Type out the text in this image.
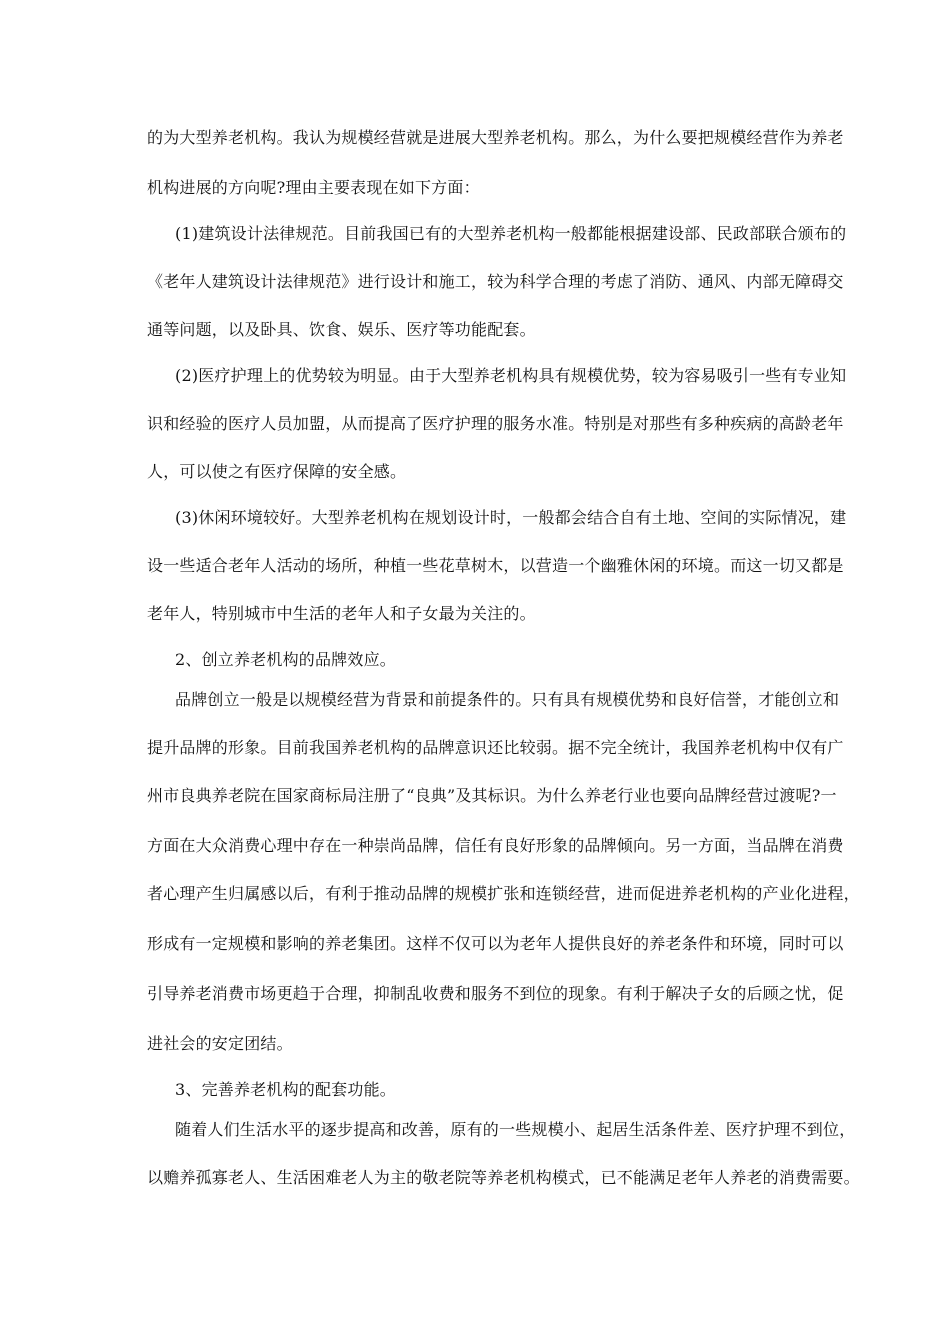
的为大型养老机构。我认为规模经营就是进展大型养老机构。那么，为什么要把规模经营作为养老
机构进展的方向呢?理由主要表现在如下方面：
(1)建筑设计法律规范。目前我国已有的大型养老机构一般都能根据建设部、民政部联合颁布的
《老年人建筑设计法律规范》进行设计和施工，较为科学合理的考虑了消防、通风、内部无障碍交
通等问题，以及卧具、饮食、娱乐、医疗等功能配套。
(2)医疗护理上的优势较为明显。由于大型养老机构具有规模优势，较为容易吸引一些有专业知
识和经验的医疗人员加盟，从而提高了医疗护理的服务水准。特别是对那些有多种疾病的高龄老年
人，可以使之有医疗保障的安全感。
(3)休闲环境较好。大型养老机构在规划设计时，一般都会结合自有土地、空间的实际情况，建
设一些适合老年人活动的场所，种植一些花草树木，以营造一个幽雅休闲的环境。而这一切又都是
老年人，特别城市中生活的老年人和子女最为关注的。
2、创立养老机构的品牌效应。
品牌创立一般是以规模经营为背景和前提条件的。只有具有规模优势和良好信誉，才能创立和
提升品牌的形象。目前我国养老机构的品牌意识还比较弱。据不完全统计，我国养老机构中仅有广
州市良典养老院在国家商标局注册了“良典”及其标识。为什么养老行业也要向品牌经营过渡呢?一
方面在大众消费心理中存在一种崇尚品牌，信任有良好形象的品牌倾向。另一方面，当品牌在消费
者心理产生归属感以后，有利于推动品牌的规模扩张和连锁经营，进而促进养老机构的产业化进程，
形成有一定规模和影响的养老集团。这样不仅可以为老年人提供良好的养老条件和环境，同时可以
引导养老消费市场更趋于合理，抑制乱收费和服务不到位的现象。有利于解决子女的后顾之忧，促
进社会的安定团结。
3、完善养老机构的配套功能。
随着人们生活水平的逐步提高和改善，原有的一些规模小、起居生活条件差、医疗护理不到位，
以赡养孤寡老人、生活困难老人为主的敬老院等养老机构模式，已不能满足老年人养老的消费需要。
